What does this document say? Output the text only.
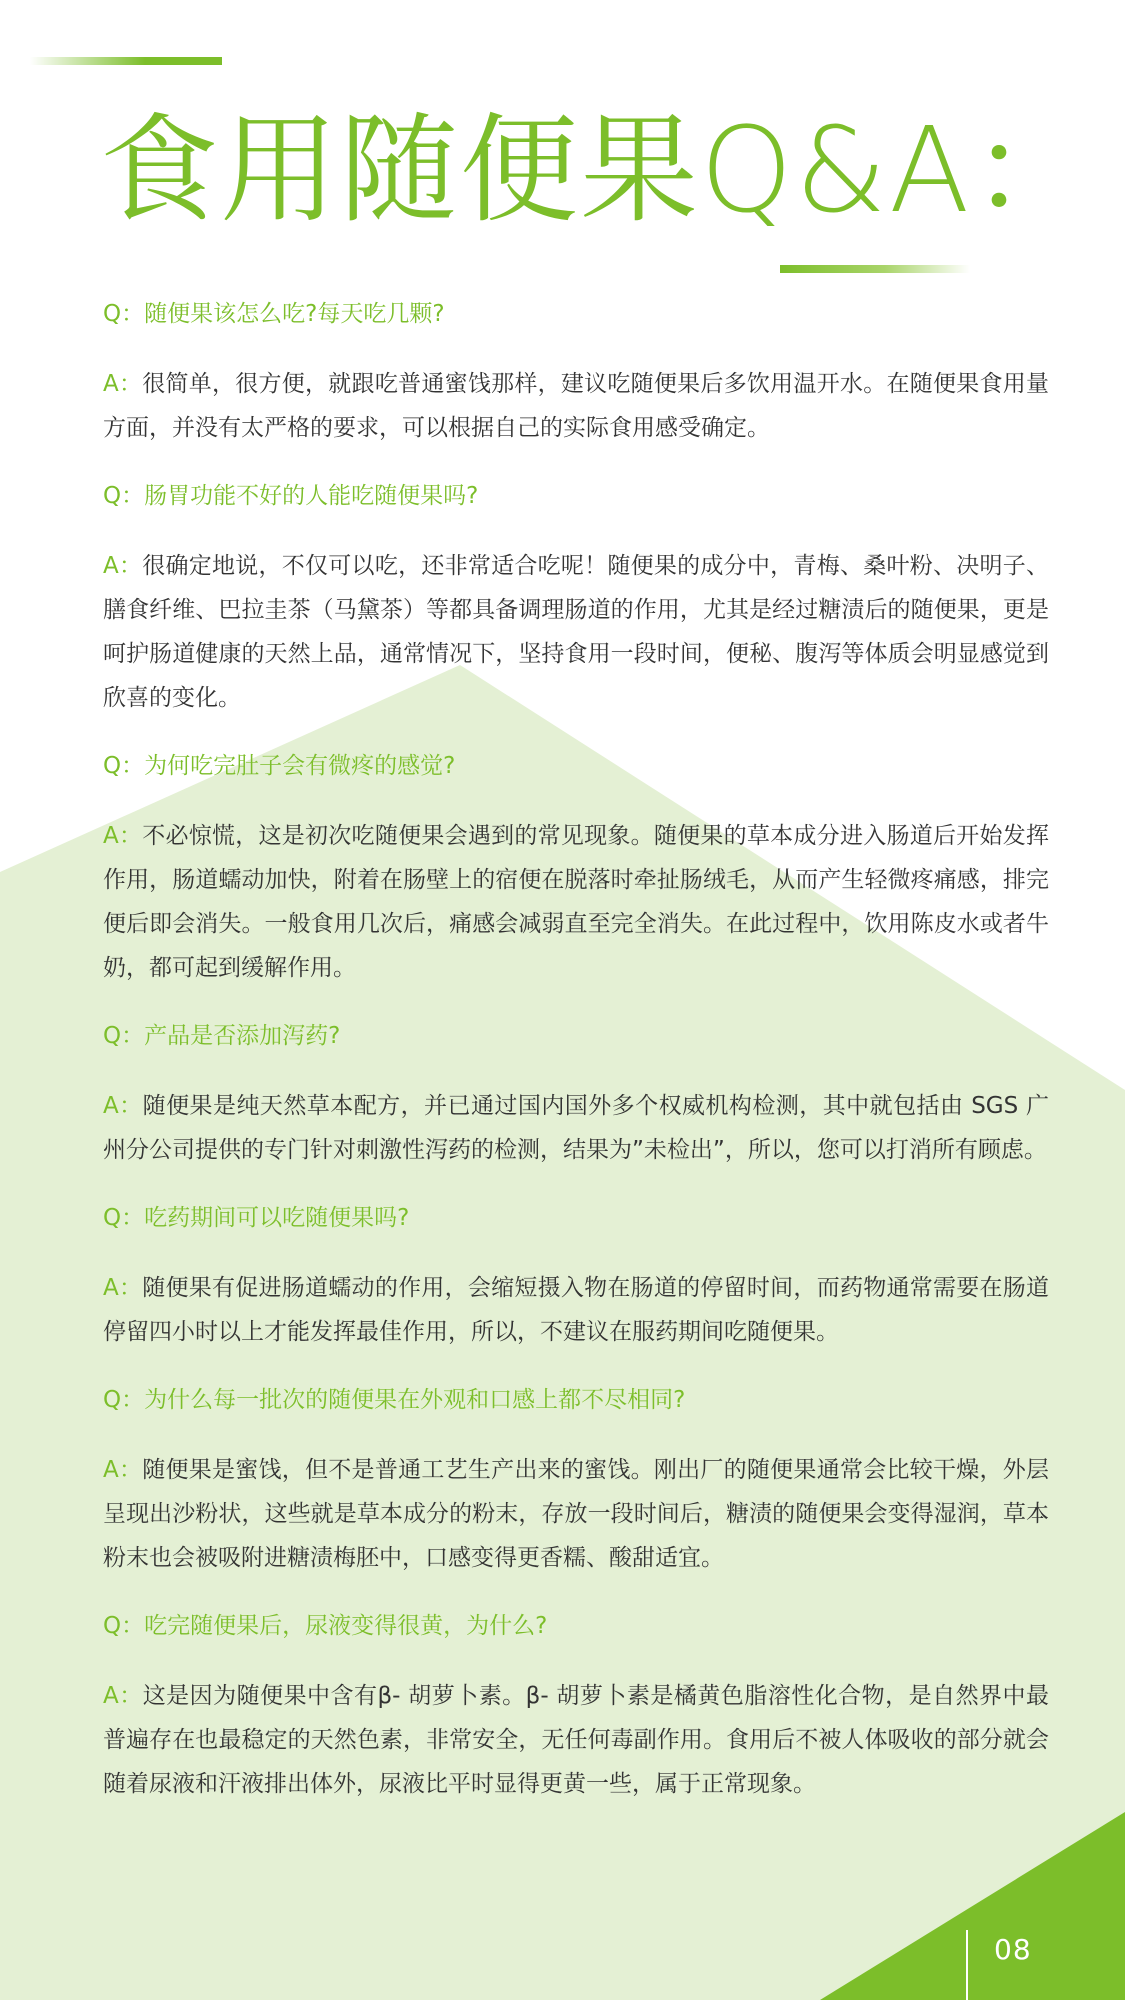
食用随便果Q&A：

Q：随便果该怎么吃?每天吃几颗?

A：很简单，很方便，就跟吃普通蜜饯那样，建议吃随便果后多饮用温开水。在随便果食用量方面，并没有太严格的要求，可以根据自己的实际食用感受确定。

Q：肠胃功能不好的人能吃随便果吗?

A：很确定地说，不仅可以吃，还非常适合吃呢！随便果的成分中，青梅、桑叶粉、决明子、膳食纤维、巴拉圭茶（马黛茶）等都具备调理肠道的作用，尤其是经过糖渍后的随便果，更是呵护肠道健康的天然上品，通常情况下，坚持食用一段时间，便秘、腹泻等体质会明显感觉到欣喜的变化。

Q：为何吃完肚子会有微疼的感觉?

A：不必惊慌，这是初次吃随便果会遇到的常见现象。随便果的草本成分进入肠道后开始发挥作用，肠道蠕动加快，附着在肠壁上的宿便在脱落时牵扯肠绒毛，从而产生轻微疼痛感，排完便后即会消失。一般食用几次后，痛感会减弱直至完全消失。在此过程中，饮用陈皮水或者牛奶，都可起到缓解作用。

Q：产品是否添加泻药?

A：随便果是纯天然草本配方，并已通过国内国外多个权威机构检测，其中就包括由 SGS 广州分公司提供的专门针对刺激性泻药的检测，结果为”未检出”，所以，您可以打消所有顾虑。

Q：吃药期间可以吃随便果吗?

A：随便果有促进肠道蠕动的作用，会缩短摄入物在肠道的停留时间，而药物通常需要在肠道停留四小时以上才能发挥最佳作用，所以，不建议在服药期间吃随便果。

Q：为什么每一批次的随便果在外观和口感上都不尽相同?

A：随便果是蜜饯，但不是普通工艺生产出来的蜜饯。刚出厂的随便果通常会比较干燥，外层呈现出沙粉状，这些就是草本成分的粉末，存放一段时间后，糖渍的随便果会变得湿润，草本粉末也会被吸附进糖渍梅胚中，口感变得更香糯、酸甜适宜。

Q：吃完随便果后，尿液变得很黄，为什么?

A：这是因为随便果中含有β- 胡萝卜素。β- 胡萝卜素是橘黄色脂溶性化合物，是自然界中最普遍存在也最稳定的天然色素，非常安全，无任何毒副作用。食用后不被人体吸收的部分就会随着尿液和汗液排出体外，尿液比平时显得更黄一些，属于正常现象。

08
